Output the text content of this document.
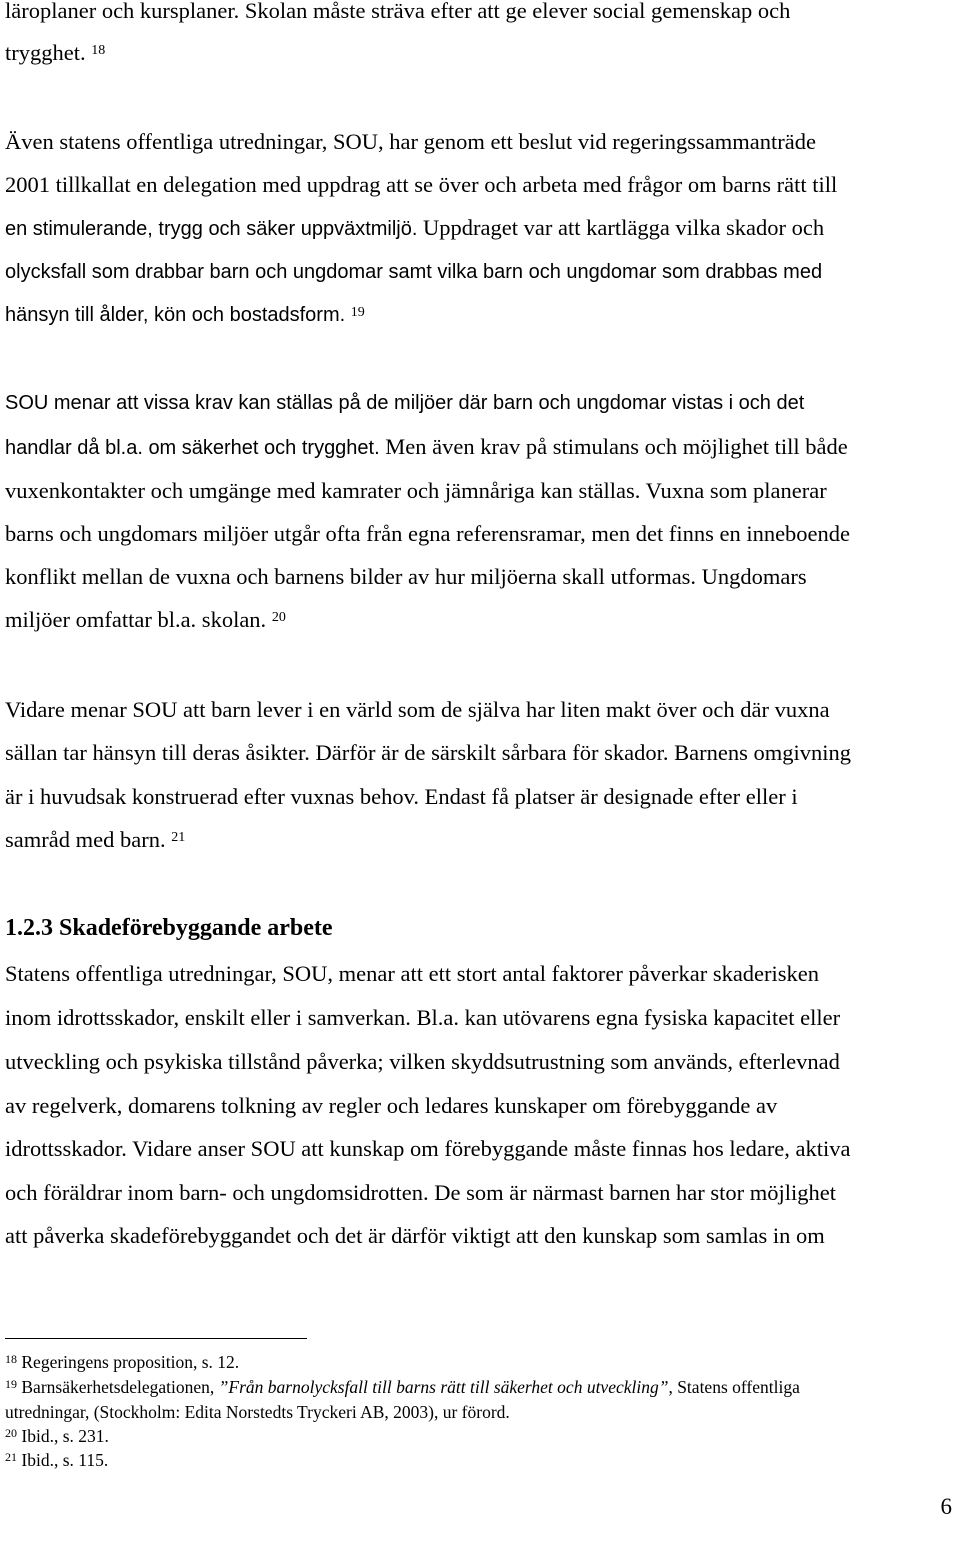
läroplaner och kursplaner. Skolan måste sträva efter att ge elever social gemenskap och
trygghet. $^{18}$
Även statens offentliga utredningar, SOU, har genom ett beslut vid regeringssammanträde
2001 tillkallat en delegation med uppdrag att se över och arbeta med frågor om barns rätt till
en stimulerande, trygg och säker uppväxtmiljö. Uppdraget var att kartlägga vilka skador och
olycksfall som drabbar barn och ungdomar samt vilka barn och ungdomar som drabbas med
hänsyn till ålder, kön och bostadsform. $^{19}$
SOU menar att vissa krav kan ställas på de miljöer där barn och ungdomar vistas i och det
handlar då bl.a. om säkerhet och trygghet. Men även krav på stimulans och möjlighet till både
vuxenkontakter och umgänge med kamrater och jämnåriga kan ställas. Vuxna som planerar
barns och ungdomars miljöer utgår ofta från egna referensramar, men det finns en inneboende
konflikt mellan de vuxna och barnens bilder av hur miljöerna skall utformas. Ungdomars
miljöer omfattar bl.a. skolan. $^{20}$
Vidare menar SOU att barn lever i en värld som de själva har liten makt över och där vuxna
sällan tar hänsyn till deras åsikter. Därför är de särskilt sårbara för skador. Barnens omgivning
är i huvudsak konstruerad efter vuxnas behov. Endast få platser är designade efter eller i
samråd med barn. $^{21}$
1.2.3 Skadeförebyggande arbete
Statens offentliga utredningar, SOU, menar att ett stort antal faktorer påverkar skaderisken
inom idrottsskador, enskilt eller i samverkan. Bl.a. kan utövarens egna fysiska kapacitet eller
utveckling och psykiska tillstånd påverka; vilken skyddsutrustning som används, efterlevnad
av regelverk, domarens tolkning av regler och ledares kunskaper om förebyggande av
idrottsskador. Vidare anser SOU att kunskap om förebyggande måste finnas hos ledare, aktiva
och föräldrar inom barn- och ungdomsidrotten. De som är närmast barnen har stor möjlighet
att påverka skadeförebyggandet och det är därför viktigt att den kunskap som samlas in om
$^{18}$ Regeringens proposition, s. 12.
$^{19}$ Barnsäkerhetsdelegationen, ”Från barnolycksfall till barns rätt till säkerhet och utveckling”, Statens offentliga
utredningar, (Stockholm: Edita Norstedts Tryckeri AB, 2003), ur förord.
$^{20}$ Ibid., s. 231.
$^{21}$ Ibid., s. 115.
6
